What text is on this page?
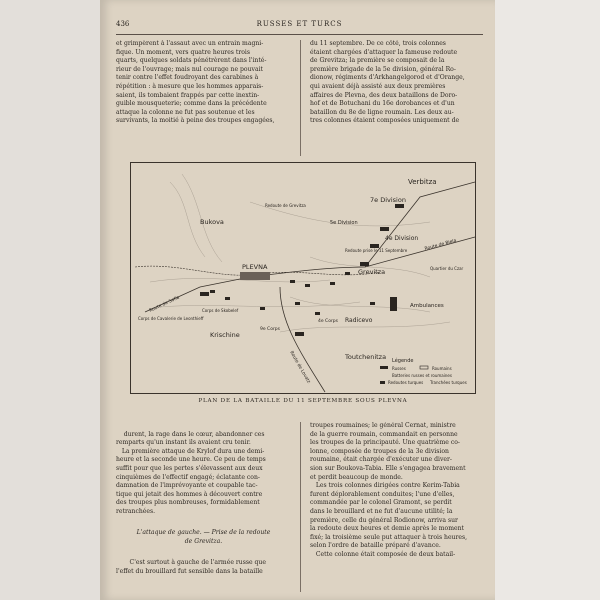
436	RUSSES ET TURCS
et grimpèrent à l'assaut avec un entrain magni-
fique. Un moment, vers quatre heures trois
quarts, quelques soldats pénétrèrent dans l'inté-
rieur de l'ouvrage; mais nul courage ne pouvait
tenir contre l'effet foudroyant des carabines à
répétition : à mesure que les hommes apparais-
saient, ils tombaient frappés par cette inextin-
guible mousqueterie; comme dans la précédente
attaque la colonne ne fut pas soutenue et les
survivants, la moitié à peine des troupes engagées,
du 11 septembre. De ce côté, trois colonnes
étaient chargées d'attaquer la fameuse redoute
de Grevitza; la première se composait de la
première brigade de la 5e division, général Ro-
dionow, régiments d'Arkhangelgorod et d'Orange,
qui avaient déjà assisté aux deux premières
affaires de Plevna, des deux bataillons de Doro-
hof et de Botuchani du 16e dorobances et d'un
bataillon du 8e de ligne roumain. Les deux au-
tres colonnes étaient composées uniquement de
Verbitza
7e Division
Bukova	5e Division
4e Division
PLEVNA
Grevitza
Route de Sofia
Route de Lovatz
Route de Biela
Quartier du Czar
Corps de Cavalerie de Leonthieff
Corps de Skobelef
Krischine
Radicevo
Toutchenitza
Ambulances
9e Corps
4e Corps
Redoute de Grevitza
Redoute prise le 11 Septembre
Légende
Russes	Roumains
Batteries russes et roumaines
Redoutes turques Tranchées turques
PLAN DE LA BATAILLE DU 11 SEPTEMBRE SOUS PLEVNA

durent, la rage dans le cœur, abandonner ces
remparts qu'un instant ils avaient cru tenir.
La première attaque de Krylof dura une demi-
heure et la seconde une heure. Ce peu de temps
suffit pour que les pertes s'élevassent aux deux
cinquièmes de l'effectif engagé; éclatante con-
damnation de l'imprévoyante et coupable tac-
tique qui jetait des hommes à découvert contre
des troupes plus nombreuses, formidablement
retranchées.

L'attaque de gauche. — Prise de la redoute
de Grevitza.

C'est surtout à gauche de l'armée russe que
l'effet du brouillard fut sensible dans la bataille

troupes roumaines; le général Cernat, ministre
de la guerre roumain, commandait en personne
les troupes de la principauté. Une quatrième co-
lonne, composée de troupes de la 3e division
roumaine, était chargée d'exécuter une diver-
sion sur Boukova-Tabia. Elle s'engagea bravement
et perdit beaucoup de monde.
Les trois colonnes dirigées contre Kerim-Tabia
furent déplorablement conduites; l'une d'elles,
commandée par le colonel Gramont, se perdit
dans le brouillard et ne fut d'aucune utilité; la
première, celle du général Rodionow, arriva sur
la redoute deux heures et demie après le moment
fixé; la troisième seule put attaquer à trois heures,
selon l'ordre de bataille préparé d'avance.
Cette colonne était composée de deux batail-
